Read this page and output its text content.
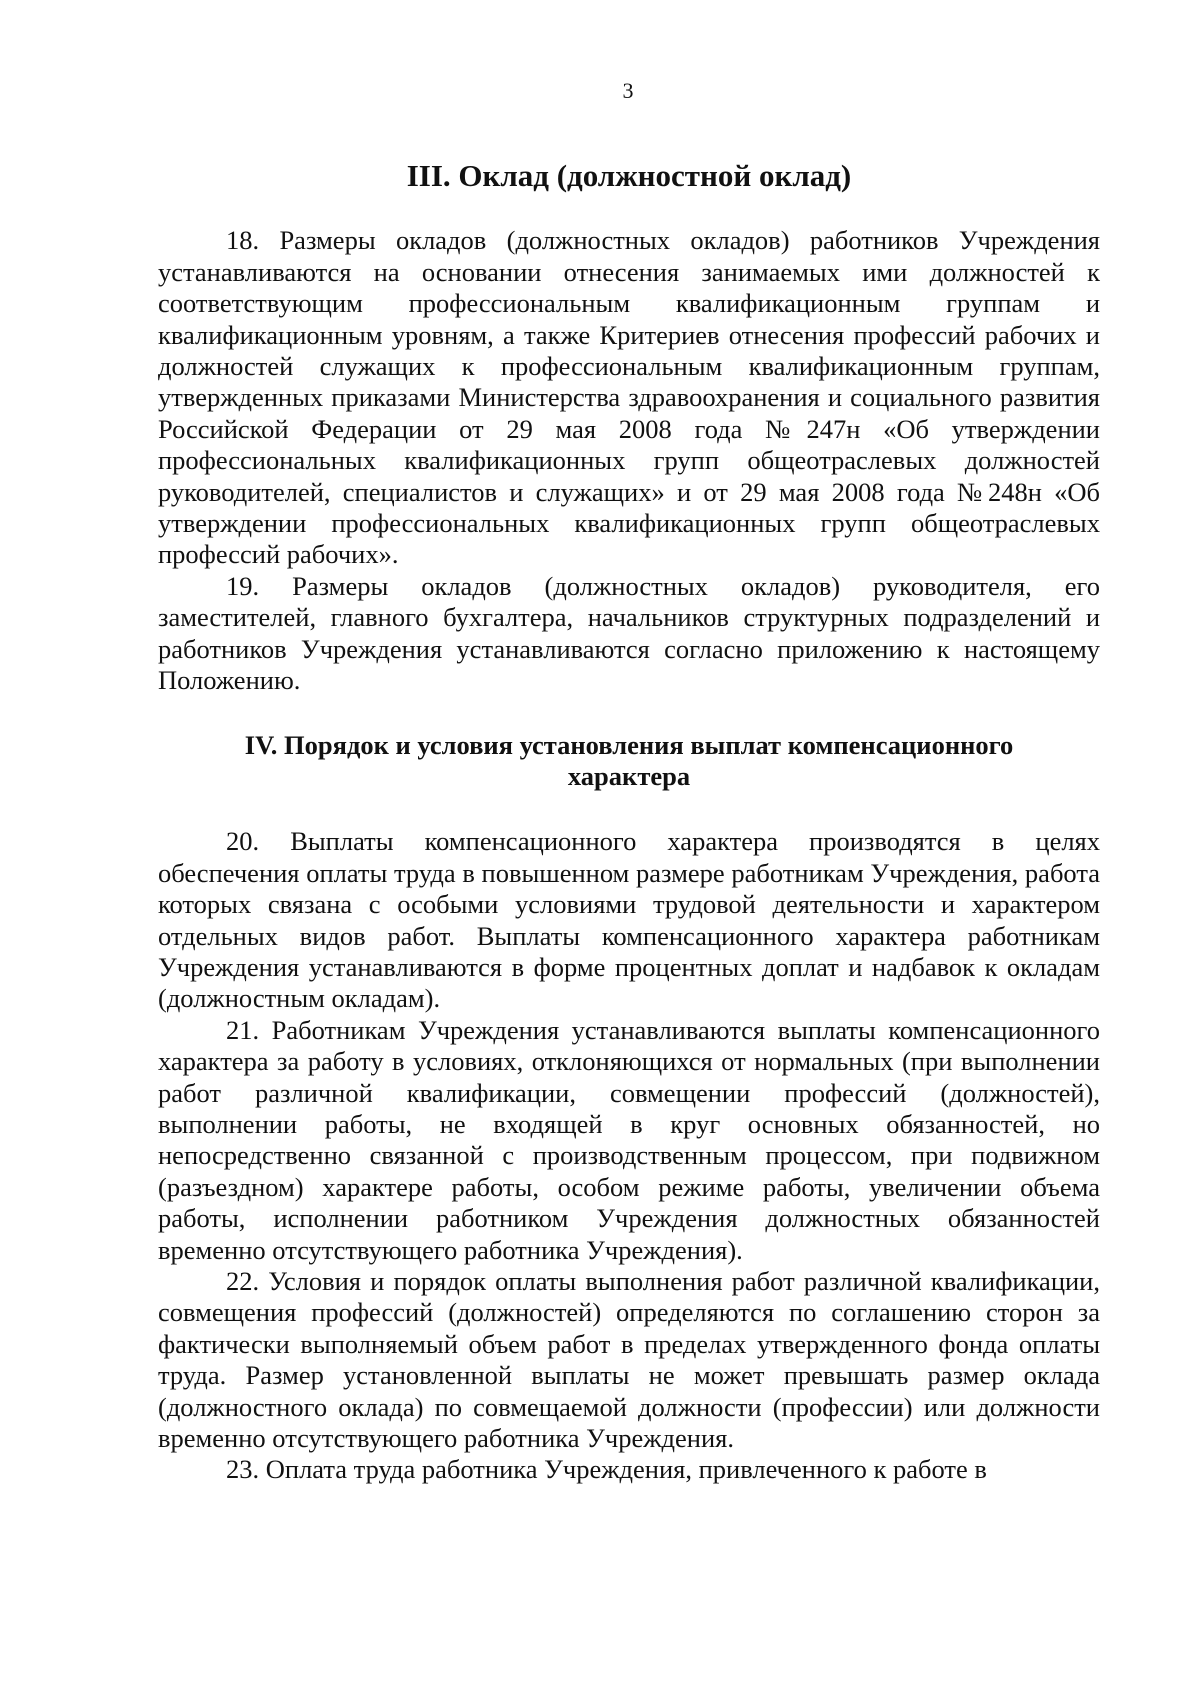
3
III. Оклад (должностной оклад)

18. Размеры окладов (должностных окладов) работников Учреждения устанавливаются на основании отнесения занимаемых ими должностей к соответствующим профессиональным квалификационным группам и квалификационным уровням, а также Критериев отнесения профессий рабочих и должностей служащих к профессиональным квалификационным группам, утвержденных приказами Министерства здравоохранения и социального развития Российской Федерации от 29 мая 2008 года №247н «Об утверждении профессиональных квалификационных групп общеотраслевых должностей руководителей, специалистов и служащих» и от 29 мая 2008 года №248н «Об утверждении профессиональных квалификационных групп общеотраслевых профессий рабочих».

19. Размеры окладов (должностных окладов) руководителя, его заместителей, главного бухгалтера, начальников структурных подразделений и работников Учреждения устанавливаются согласно приложению к настоящему Положению.

IV. Порядок и условия установления выплат компенсационного характера

20. Выплаты компенсационного характера производятся в целях обеспечения оплаты труда в повышенном размере работникам Учреждения, работа которых связана с особыми условиями трудовой деятельности и характером отдельных видов работ. Выплаты компенсационного характера работникам Учреждения устанавливаются в форме процентных доплат и надбавок к окладам (должностным окладам).

21. Работникам Учреждения устанавливаются выплаты компенсационного характера за работу в условиях, отклоняющихся от нормальных (при выполнении работ различной квалификации, совмещении профессий (должностей), выполнении работы, не входящей в круг основных обязанностей, но непосредственно связанной с производственным процессом, при подвижном (разъездном) характере работы, особом режиме работы, увеличении объема работы, исполнении работником Учреждения должностных обязанностей временно отсутствующего работника Учреждения).

22. Условия и порядок оплаты выполнения работ различной квалификации, совмещения профессий (должностей) определяются по соглашению сторон за фактически выполняемый объем работ в пределах утвержденного фонда оплаты труда. Размер установленной выплаты не может превышать размер оклада (должностного оклада) по совмещаемой должности (профессии) или должности временно отсутствующего работника Учреждения.

23. Оплата труда работника Учреждения, привлеченного к работе в
